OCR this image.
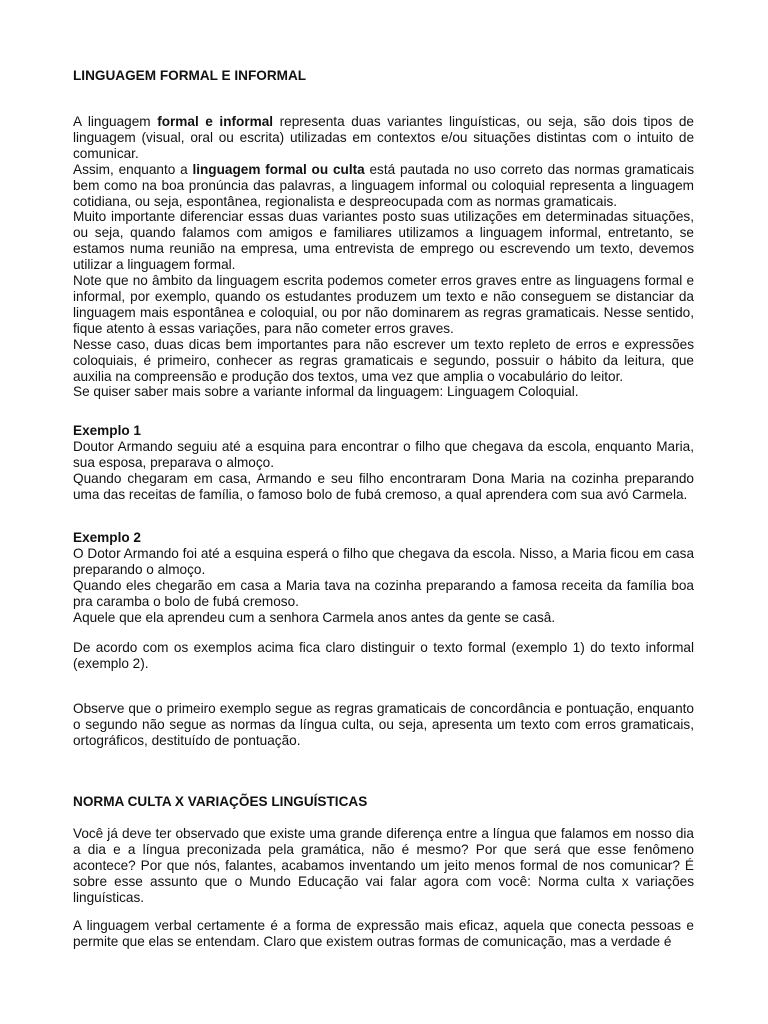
LINGUAGEM FORMAL E INFORMAL

A linguagem formal e informal representa duas variantes linguísticas, ou seja, são dois tipos de linguagem (visual, oral ou escrita) utilizadas em contextos e/ou situações distintas com o intuito de comunicar.

Assim, enquanto a linguagem formal ou culta está pautada no uso correto das normas gramaticais bem como na boa pronúncia das palavras, a linguagem informal ou coloquial representa a linguagem cotidiana, ou seja, espontânea, regionalista e despreocupada com as normas gramaticais.

Muito importante diferenciar essas duas variantes posto suas utilizações em determinadas situações, ou seja, quando falamos com amigos e familiares utilizamos a linguagem informal, entretanto, se estamos numa reunião na empresa, uma entrevista de emprego ou escrevendo um texto, devemos utilizar a linguagem formal.

Note que no âmbito da linguagem escrita podemos cometer erros graves entre as linguagens formal e informal, por exemplo, quando os estudantes produzem um texto e não conseguem se distanciar da linguagem mais espontânea e coloquial, ou por não dominarem as regras gramaticais. Nesse sentido, fique atento à essas variações, para não cometer erros graves.

Nesse caso, duas dicas bem importantes para não escrever um texto repleto de erros e expressões coloquiais, é primeiro, conhecer as regras gramaticais e segundo, possuir o hábito da leitura, que auxilia na compreensão e produção dos textos, uma vez que amplia o vocabulário do leitor.

Se quiser saber mais sobre a variante informal da linguagem: Linguagem Coloquial.

Exemplo 1

Doutor Armando seguiu até a esquina para encontrar o filho que chegava da escola, enquanto Maria, sua esposa, preparava o almoço.

Quando chegaram em casa, Armando e seu filho encontraram Dona Maria na cozinha preparando uma das receitas de família, o famoso bolo de fubá cremoso, a qual aprendera com sua avó Carmela.

Exemplo 2

O Dotor Armando foi até a esquina esperá o filho que chegava da escola. Nisso, a Maria ficou em casa preparando o almoço.

Quando eles chegarão em casa a Maria tava na cozinha preparando a famosa receita da família boa pra caramba o bolo de fubá cremoso.

Aquele que ela aprendeu cum a senhora Carmela anos antes da gente se casâ.

De acordo com os exemplos acima fica claro distinguir o texto formal (exemplo 1) do texto informal (exemplo 2).

Observe que o primeiro exemplo segue as regras gramaticais de concordância e pontuação, enquanto o segundo não segue as normas da língua culta, ou seja, apresenta um texto com erros gramaticais, ortográficos, destituído de pontuação.

NORMA CULTA X VARIAÇÕES LINGUÍSTICAS

Você já deve ter observado que existe uma grande diferença entre a língua que falamos em nosso dia a dia e a língua preconizada pela gramática, não é mesmo? Por que será que esse fenômeno acontece? Por que nós, falantes, acabamos inventando um jeito menos formal de nos comunicar? É sobre esse assunto que o Mundo Educação vai falar agora com você: Norma culta x variações linguísticas.

A linguagem verbal certamente é a forma de expressão mais eficaz, aquela que conecta pessoas e permite que elas se entendam. Claro que existem outras formas de comunicação, mas a verdade é
